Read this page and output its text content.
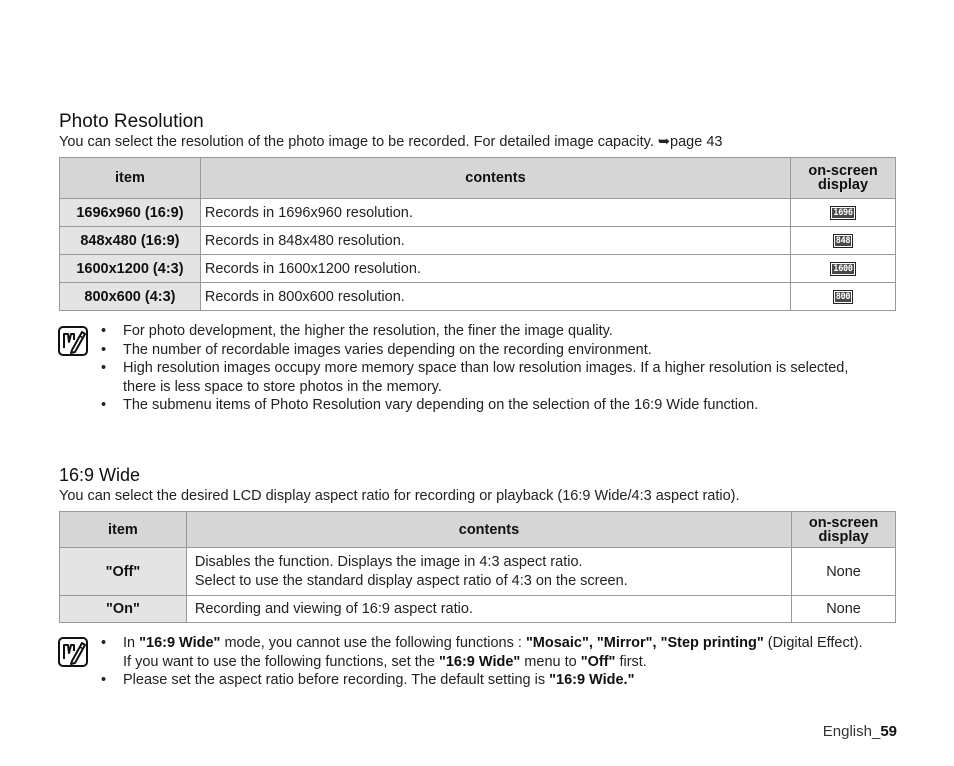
Photo Resolution
You can select the resolution of the photo image to be recorded. For detailed image capacity. ➥page 43
item	contents	on-screen display
1696x960 (16:9)	Records in 1696x960 resolution.	1696
848x480 (16:9)	Records in 848x480 resolution.	848
1600x1200 (4:3)	Records in 1600x1200 resolution.	1600
800x600 (4:3)	Records in 800x600 resolution.	800
• For photo development, the higher the resolution, the finer the image quality.
• The number of recordable images varies depending on the recording environment.
• High resolution images occupy more memory space than low resolution images. If a higher resolution is selected, there is less space to store photos in the memory.
• The submenu items of Photo Resolution vary depending on the selection of the 16:9 Wide function.
16:9 Wide
You can select the desired LCD display aspect ratio for recording or playback (16:9 Wide/4:3 aspect ratio).
item	contents	on-screen display
"Off"	Disables the function. Displays the image in 4:3 aspect ratio.
Select to use the standard display aspect ratio of 4:3 on the screen.	None
"On"	Recording and viewing of 16:9 aspect ratio.	None
• In "16:9 Wide" mode, you cannot use the following functions : "Mosaic", "Mirror", "Step printing" (Digital Effect). If you want to use the following functions, set the "16:9 Wide" menu to "Off" first.
• Please set the aspect ratio before recording. The default setting is "16:9 Wide."
English_59
